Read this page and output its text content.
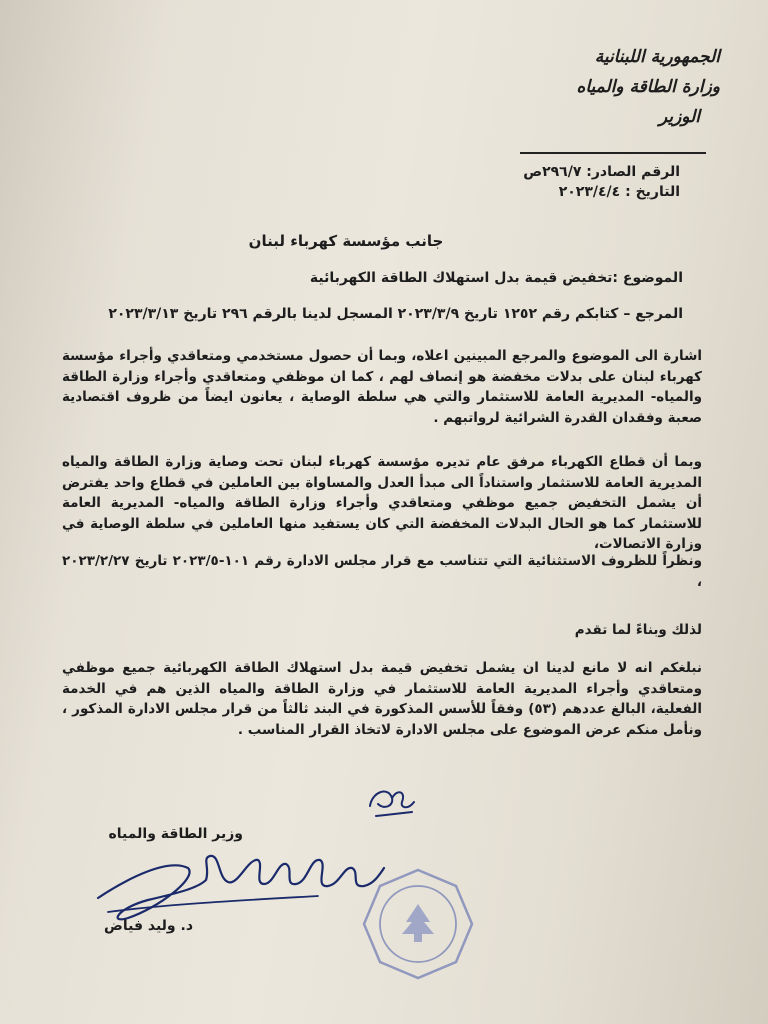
الجمهورية اللبنانية
وزارة الطاقة والمياه
الوزير
الرقم الصادر: ٢٩٦/٧ص
التاريخ : ٢٠٢٣/٤/٤
جانب مؤسسة كهرباء لبنان
الموضوع :تخفيض قيمة بدل استهلاك الطاقة الكهربائية
المرجع – كتابكم رقم ١٢٥٢ تاريخ ٢٠٢٣/٣/٩ المسجل لدينا بالرقم ٢٩٦ تاريخ ٢٠٢٣/٣/١٣
اشارة الى الموضوع والمرجع المبينين اعلاه، وبما أن حصول مستخدمي ومتعاقدي وأجراء مؤسسة كهرباء لبنان على بدلات مخفضة هو إنصاف لهم ، كما ان موظفي ومتعاقدي وأجراء وزارة الطاقة والمياه- المديرية العامة للاستثمار والتي هي سلطة الوصاية ، يعانون ايضاً من ظروف اقتصادية صعبة وفقدان القدرة الشرائية لرواتبهم .
وبما أن قطاع الكهرباء مرفق عام تديره مؤسسة كهرباء لبنان تحت وصاية وزارة الطاقة والمياه المديرية العامة للاستثمار واستناداً الى مبدأ العدل والمساواة بين العاملين في قطاع واحد يفترض أن يشمل التخفيض جميع موظفي ومتعاقدي وأجراء وزارة الطاقة والمياه- المديرية العامة للاستثمار كما هو الحال البدلات المخفضة التي كان يستفيد منها العاملين في سلطة الوصاية في وزارة الاتصالات،
ونظراً للظروف الاستثنائية التي تتناسب مع قرار مجلس الادارة رقم ١٠١-٢٠٢٣/٥ تاريخ ٢٠٢٣/٢/٢٧ ،
لذلك وبناءً لما تقدم
نبلغكم انه لا مانع لدينا ان يشمل تخفيض قيمة بدل استهلاك الطاقة الكهربائية جميع موظفي ومتعاقدي وأجراء المديرية العامة للاستثمار في وزارة الطاقة والمياه الذين هم في الخدمة الفعلية، البالغ عددهم (٥٣) وفقاً للأسس المذكورة في البند ثالثاً من قرار مجلس الادارة المذكور ، ونأمل منكم عرض الموضوع على مجلس الادارة لاتخاذ القرار المناسب .
وزير الطاقة والمياه
د. وليد فياض
